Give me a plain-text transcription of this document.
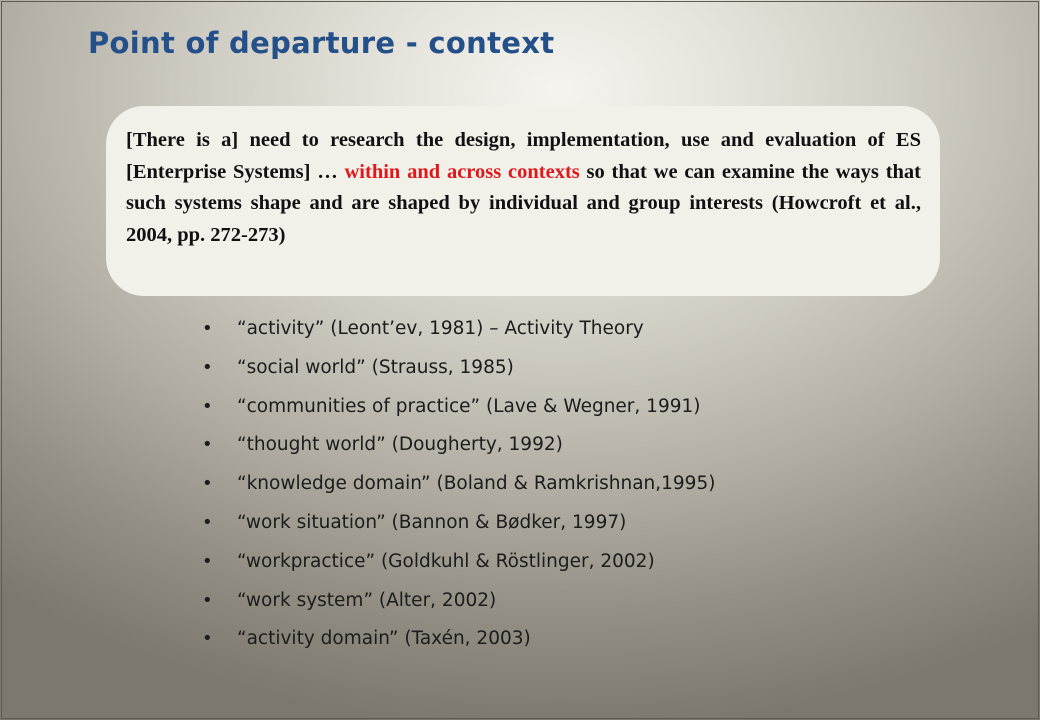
Point of departure - context

[There is a] need to research the design, implementation, use and evaluation of ES [Enterprise Systems] … within and across contexts so that we can examine the ways that such systems shape and are shaped by individual and group interests (Howcroft et al., 2004, pp. 272-273)

• “activity” (Leont’ev, 1981) – Activity Theory
• “social world” (Strauss, 1985)
• “communities of practice” (Lave & Wegner, 1991)
• “thought world” (Dougherty, 1992)
• “knowledge domain” (Boland & Ramkrishnan,1995)
• “work situation” (Bannon & Bødker, 1997)
• “workpractice” (Goldkuhl & Röstlinger, 2002)
• “work system” (Alter, 2002)
• “activity domain” (Taxén, 2003)
